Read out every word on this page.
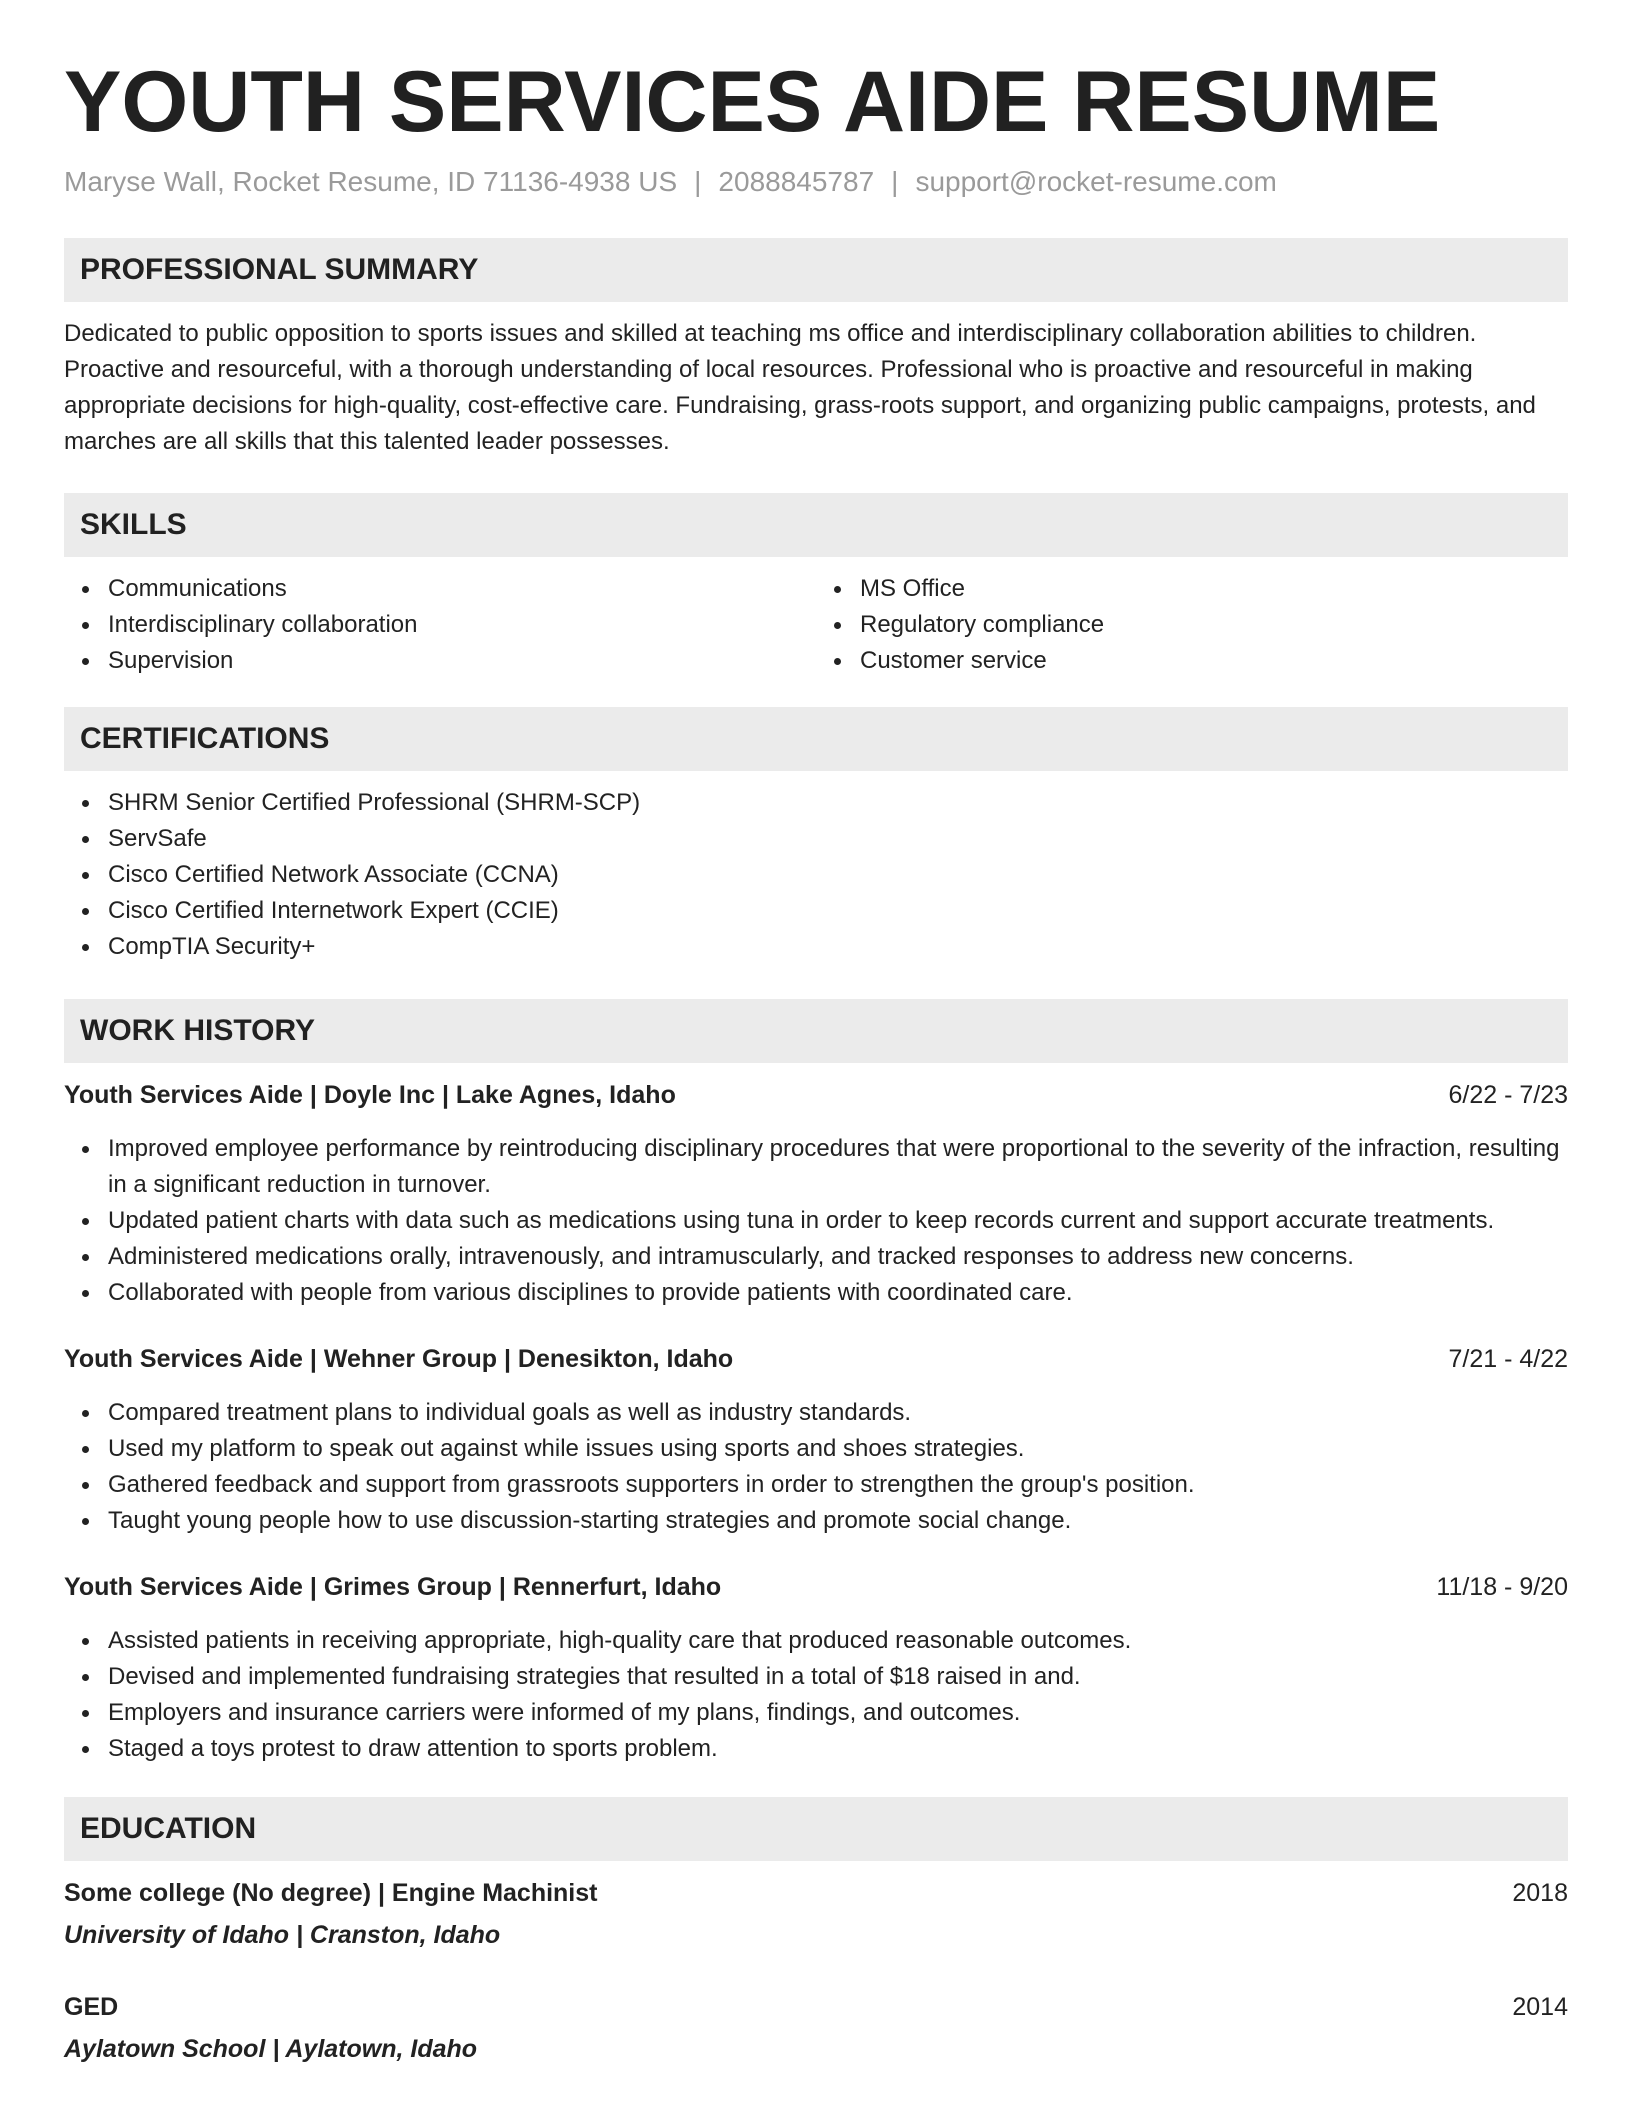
YOUTH SERVICES AIDE RESUME
Maryse Wall, Rocket Resume, ID 71136-4938 US | 2088845787 | support@rocket-resume.com
PROFESSIONAL SUMMARY

Dedicated to public opposition to sports issues and skilled at teaching ms office and interdisciplinary collaboration abilities to children. Proactive and resourceful, with a thorough understanding of local resources. Professional who is proactive and resourceful in making appropriate decisions for high-quality, cost-effective care. Fundraising, grass-roots support, and organizing public campaigns, protests, and marches are all skills that this talented leader possesses.

SKILLS
Communications
Interdisciplinary collaboration
Supervision
MS Office
Regulatory compliance
Customer service
CERTIFICATIONS
SHRM Senior Certified Professional (SHRM-SCP)
ServSafe
Cisco Certified Network Associate (CCNA)
Cisco Certified Internetwork Expert (CCIE)
CompTIA Security+
WORK HISTORY
Youth Services Aide | Doyle Inc | Lake Agnes, Idaho	6/22 - 7/23
Improved employee performance by reintroducing disciplinary procedures that were proportional to the severity of the infraction, resulting in a significant reduction in turnover.
Updated patient charts with data such as medications using tuna in order to keep records current and support accurate treatments.
Administered medications orally, intravenously, and intramuscularly, and tracked responses to address new concerns.
Collaborated with people from various disciplines to provide patients with coordinated care.
Youth Services Aide | Wehner Group | Denesikton, Idaho	7/21 - 4/22
Compared treatment plans to individual goals as well as industry standards.
Used my platform to speak out against while issues using sports and shoes strategies.
Gathered feedback and support from grassroots supporters in order to strengthen the group's position.
Taught young people how to use discussion-starting strategies and promote social change.
Youth Services Aide | Grimes Group | Rennerfurt, Idaho	11/18 - 9/20
Assisted patients in receiving appropriate, high-quality care that produced reasonable outcomes.
Devised and implemented fundraising strategies that resulted in a total of $18 raised in and.
Employers and insurance carriers were informed of my plans, findings, and outcomes.
Staged a toys protest to draw attention to sports problem.
EDUCATION
Some college (No degree) | Engine Machinist	2018
University of Idaho | Cranston, Idaho
GED	2014
Aylatown School | Aylatown, Idaho
